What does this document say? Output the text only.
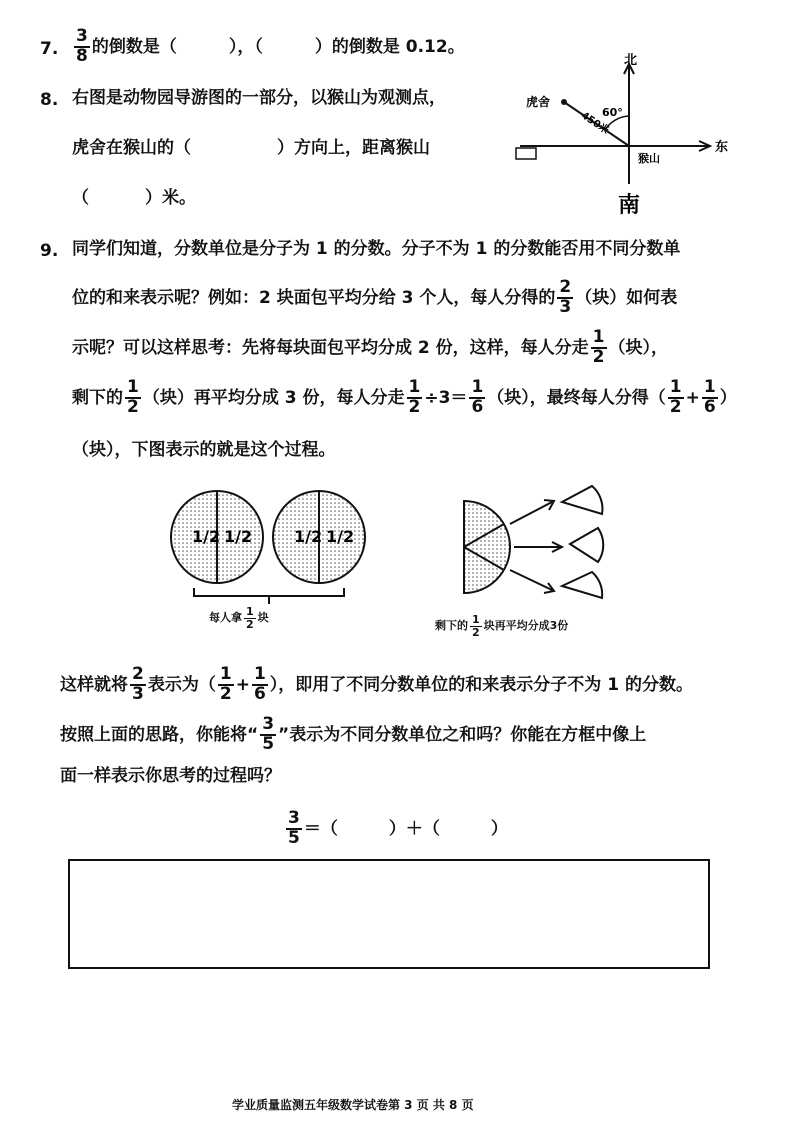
7. $\frac{3}{8}$ 的倒数是（	），（	）的倒数是 0.12。
8. 右图是动物园导游图的一部分，以猴山为观测点，
虎舍在猴山的（	）方向上，距离猴山
（	）米。
北
东
南
虎舍
猴山
60°
450米
9. 同学们知道，分数单位是分子为 1 的分数。分子不为 1 的分数能否用不同分数单
位的和来表示呢？例如：2 块面包平均分给 3 个人，每人分得的 $\frac{2}{3}$ （块）如何表
示呢？可以这样思考：先将每块面包平均分成 2 份，这样，每人分走 $\frac{1}{2}$ （块），
剩下的 $\frac{1}{2}$ （块）再平均分成 3 份，每人分走 $\frac{1}{2} \div 3= \frac{1}{6}$ （块），最终每人分得（ $\frac{1}{2} + \frac{1}{6}$ ）
（块），下图表示的就是这个过程。
1/2 1/2	1/2 1/2
每人拿 $\frac{1}{2}$ 块
剩下的 $\frac{1}{2}$ 块再平均分成3份
这样就将 $\frac{2}{3}$ 表示为（ $\frac{1}{2} + \frac{1}{6}$ ），即用了不同分数单位的和来表示分子不为 1 的分数。
按照上面的思路，你能将“ $\frac{3}{5}$ ”表示为不同分数单位之和吗？你能在方框中像上
面一样表示你思考的过程吗？
$\frac{3}{5}$ ＝（　　　）＋（　　　）
学业质量监测五年级数学试卷第 3 页 共 8 页
